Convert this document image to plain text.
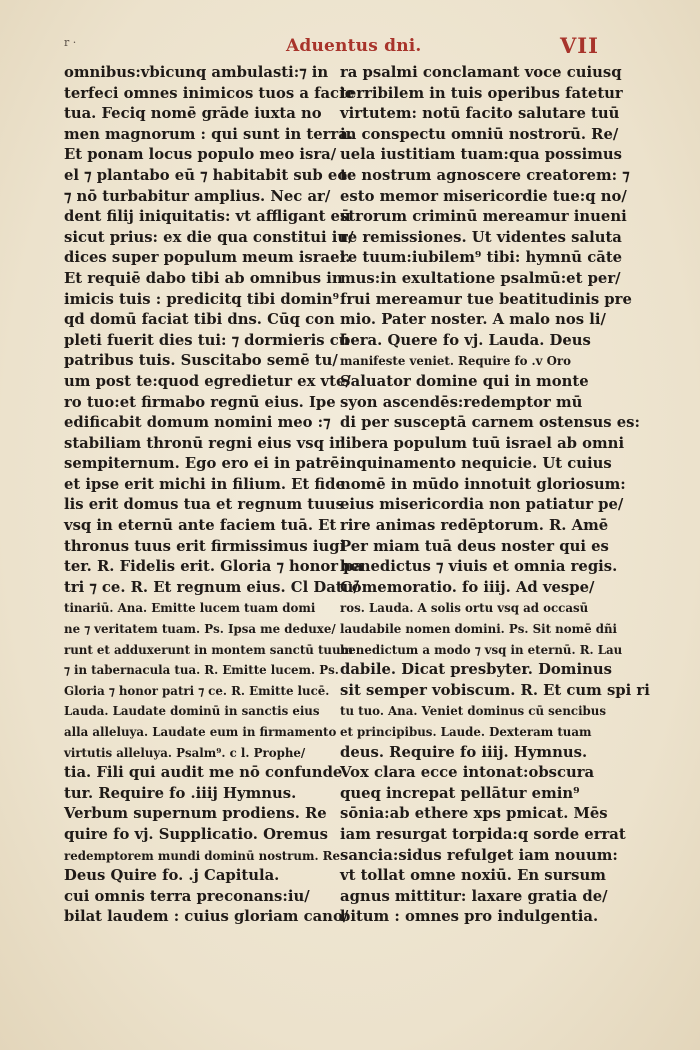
r ·	Aduentus dni.	VII
omnibus:vbicunq ambulasti:⁊ in
terfeci omnes inimicos tuos a facie
tua. Feciq nomē grāde iuxta no
men magnorum : qui sunt in terra.
Et ponam locus populo meo isra/
el ⁊ plantabo eū ⁊ habitabit sub eo:
⁊ nō turbabitur amplius. Nec ar/
dent filij iniquitatis: vt affligant eū
sicut prius: ex die qua constitui iu/
dices super populum meum israel.
Et requiē dabo tibi ab omnibus in
imicis tuis : predicitq tibi domin⁹
qd domū faciat tibi dns. Cūq con
pleti fuerit dies tui: ⁊ dormieris cū
patribus tuis. Suscitabo semē tu/
um post te:quod egredietur ex vte/
ro tuo:et firmabo regnū eius. Ipe
edificabit domum nomini meo :⁊
stabiliam thronū regni eius vsq in
sempiternum. Ego ero ei in patrē:
et ipse erit michi in filium. Et fide
lis erit domus tua et regnum tuus
vsq in eternū ante faciem tuā. Et
thronus tuus erit firmissimus iugi
ter. R. Fidelis erit. Gloria ⁊ honor pa
tri ⁊ ce. R. Et regnum eius. Cl Datu/
tinariū. Ana. Emitte lucem tuam domi
ne ⁊ veritatem tuam. Ps. Ipsa me deduxe/
runt et adduxerunt in montem sanctū tuum
⁊ in tabernacula tua. R. Emitte lucem. Ps.
Gloria ⁊ honor patri ⁊ ce. R. Emitte lucē.
Lauda. Laudate dominū in sanctis eius
alla alleluya. Laudate eum in firmamento
virtutis alleluya. Psalm⁹. c l. Prophe/
tia. Fili qui audit me nō confunde
tur. Require fo .iiij Hymnus.
Verbum supernum prodiens. Re
quire fo vj. Supplicatio. Oremus
redemptorem mundi dominū nostrum. Re
Deus Quire fo. .j Capitula.
cui omnis terra preconans:iu/
bilat laudem : cuius gloriam cano/
ra psalmi conclamant voce cuiusq
terribilem in tuis operibus fatetur
virtutem: notū facito salutare tuū
in conspectu omniū nostrorū. Re/
uela iustitiam tuam:qua possimus
te nostrum agnoscere creatorem: ⁊
esto memor misericordie tue:q no/
strorum criminū mereamur inueni
re remissiones. Ut videntes saluta
re tuum:iubilem⁹ tibi: hymnū cāte
mus:in exultatione psalmū:et per/
frui mereamur tue beatitudinis pre
mio. Pater noster. A malo nos li/
bera. Quere fo vj. Lauda. Deus
manifeste veniet. Require fo .v Oro
Saluator domine qui in monte
syon ascendēs:redemptor mū
di per susceptā carnem ostensus es:
libera populum tuū israel ab omni
inquinamento nequicie. Ut cuius
nomē in mūdo innotuit gloriosum:
eius misericordia non patiatur pe/
rire animas redēptorum. R. Amē
Per miam tuā deus noster qui es
benedictus ⁊ viuis et omnia regis.
Cōmemoratio. fo iiij. Ad vespe/
ros. Lauda. A solis ortu vsq ad occasū
laudabile nomen domini. Ps. Sit nomē dñi
benedictum a modo ⁊ vsq in eternū. R. Lau
dabile. Dicat presbyter. Dominus
sit semper vobiscum. R. Et cum spi ri
tu tuo. Ana. Veniet dominus cū sencibus
et principibus. Laude. Dexteram tuam
deus. Require fo iiij. Hymnus.
Vox clara ecce intonat:obscura
queq increpat pellātur emin⁹
sōnia:ab ethere xps pmicat. Mēs
iam resurgat torpida:q sorde errat
sancia:sidus refulget iam nouum:
vt tollat omne noxiū. En sursum
agnus mittitur: laxare gratia de/
bitum : omnes pro indulgentia.
